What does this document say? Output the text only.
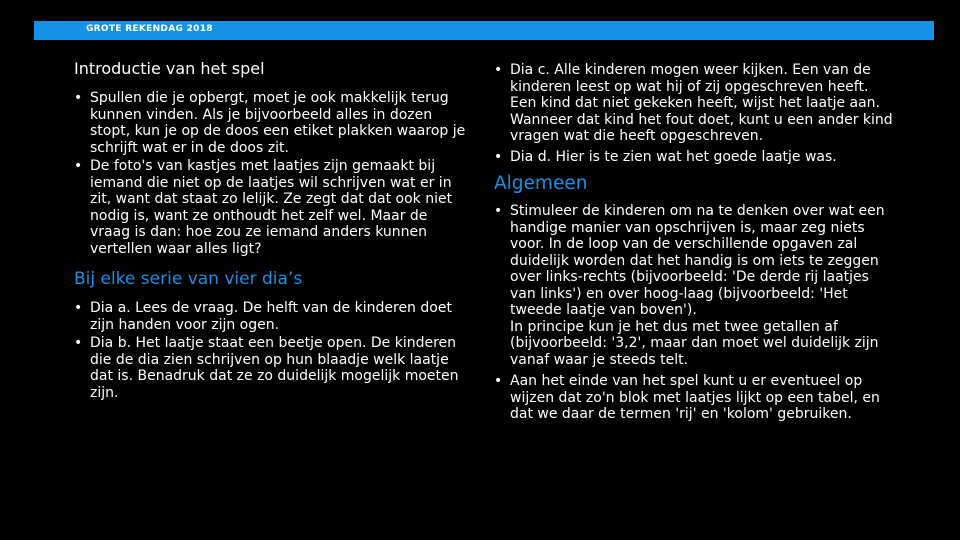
GROTE REKENDAG 2018
Introductie van het spel
• Spullen die je opbergt, moet je ook makkelijk terug kunnen vinden. Als je bijvoorbeeld alles in dozen stopt, kun je op de doos een etiket plakken waarop je schrijft wat er in de doos zit.
• De foto's van kastjes met laatjes zijn gemaakt bij iemand die niet op de laatjes wil schrijven wat er in zit, want dat staat zo lelijk. Ze zegt dat dat ook niet nodig is, want ze onthoudt het zelf wel. Maar de vraag is dan: hoe zou ze iemand anders kunnen vertellen waar alles ligt?
Bij elke serie van vier dia’s
• Dia a. Lees de vraag. De helft van de kinderen doet zijn handen voor zijn ogen.
• Dia b. Het laatje staat een beetje open. De kinderen die de dia zien schrijven op hun blaadje welk laatje dat is. Benadruk dat ze zo duidelijk mogelijk moeten zijn.
• Dia c. Alle kinderen mogen weer kijken. Een van de kinderen leest op wat hij of zij opgeschreven heeft. Een kind dat niet gekeken heeft, wijst het laatje aan. Wanneer dat kind het fout doet, kunt u een ander kind vragen wat die heeft opgeschreven.
• Dia d. Hier is te zien wat het goede laatje was.
Algemeen
• Stimuleer de kinderen om na te denken over wat een handige manier van opschrijven is, maar zeg niets voor. In de loop van de verschillende opgaven zal duidelijk worden dat het handig is om iets te zeggen over links-rechts (bijvoorbeeld: 'De derde rij laatjes van links') en over hoog-laag (bijvoorbeeld: 'Het tweede laatje van boven').
In principe kun je het dus met twee getallen af (bijvoorbeeld: '3,2', maar dan moet wel duidelijk zijn vanaf waar je steeds telt.
• Aan het einde van het spel kunt u er eventueel op wijzen dat zo'n blok met laatjes lijkt op een tabel, en dat we daar de termen 'rij' en 'kolom' gebruiken.
